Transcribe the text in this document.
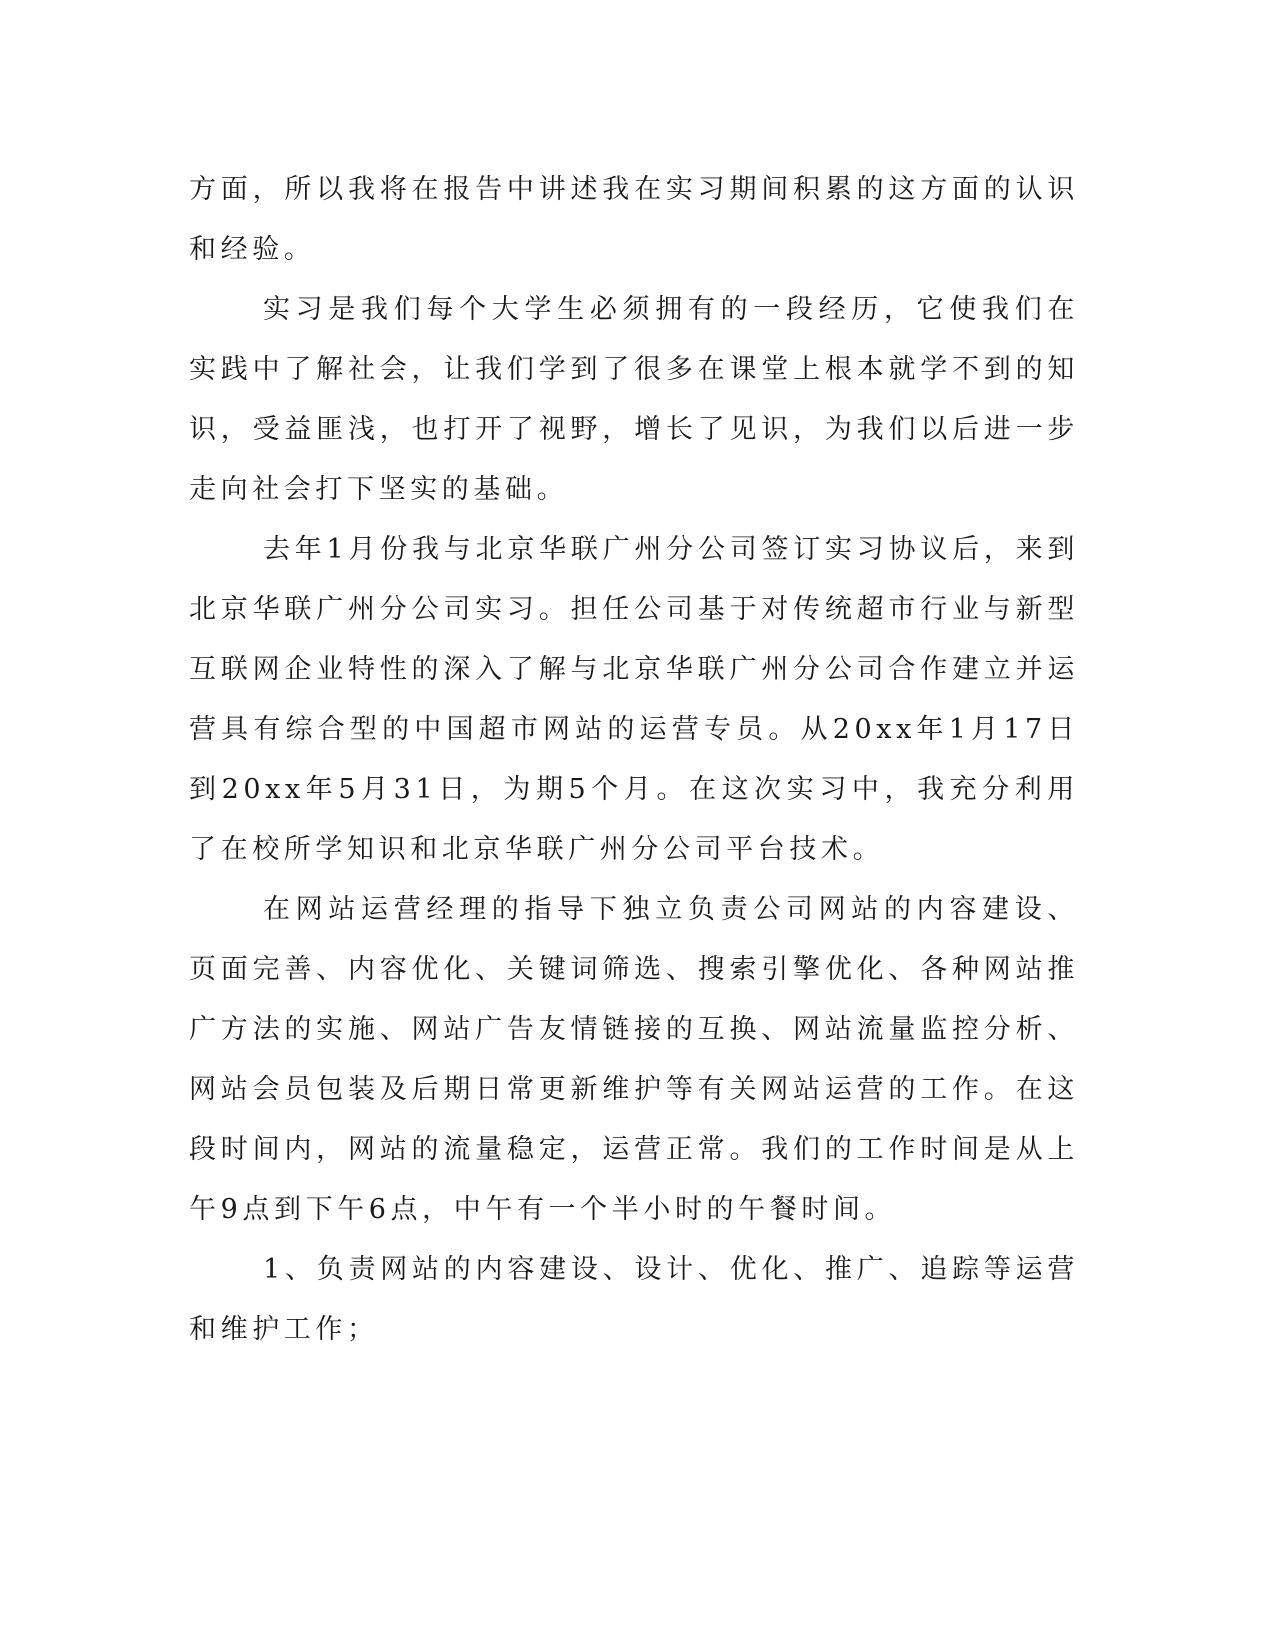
方面，所以我将在报告中讲述我在实习期间积累的这方面的认识和经验。

实习是我们每个大学生必须拥有的一段经历，它使我们在实践中了解社会，让我们学到了很多在课堂上根本就学不到的知识，受益匪浅，也打开了视野，增长了见识，为我们以后进一步走向社会打下坚实的基础。

去年1月份我与北京华联广州分公司签订实习协议后，来到北京华联广州分公司实习。担任公司基于对传统超市行业与新型互联网企业特性的深入了解与北京华联广州分公司合作建立并运营具有综合型的中国超市网站的运营专员。从20xx年1月17日到20xx年5月31日，为期5个月。在这次实习中，我充分利用了在校所学知识和北京华联广州分公司平台技术。

在网站运营经理的指导下独立负责公司网站的内容建设、页面完善、内容优化、关键词筛选、搜索引擎优化、各种网站推广方法的实施、网站广告友情链接的互换、网站流量监控分析、网站会员包装及后期日常更新维护等有关网站运营的工作。在这段时间内，网站的流量稳定，运营正常。我们的工作时间是从上午9点到下午6点，中午有一个半小时的午餐时间。

1、负责网站的内容建设、设计、优化、推广、追踪等运营和维护工作；
